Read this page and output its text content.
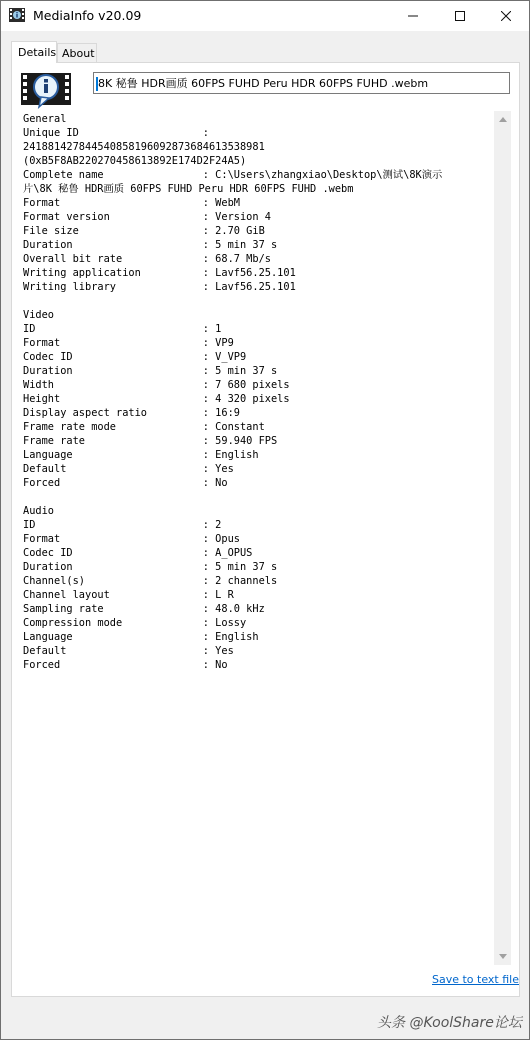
MediaInfo v20.09
Details About
8K 秘鲁 HDR画质 60FPS FUHD Peru HDR 60FPS FUHD .webm
General
Unique ID                    :
241881427844540858196092873684613538981
(0xB5F8AB220270458613892E174D2F24A5)
Complete name                : C:\Users\zhangxiao\Desktop\测试\8K演示
片\8K 秘鲁 HDR画质 60FPS FUHD Peru HDR 60FPS FUHD .webm
Format                       : WebM
Format version               : Version 4
File size                    : 2.70 GiB
Duration                     : 5 min 37 s
Overall bit rate             : 68.7 Mb/s
Writing application          : Lavf56.25.101
Writing library              : Lavf56.25.101

Video
ID                           : 1
Format                       : VP9
Codec ID                     : V_VP9
Duration                     : 5 min 37 s
Width                        : 7 680 pixels
Height                       : 4 320 pixels
Display aspect ratio         : 16:9
Frame rate mode              : Constant
Frame rate                   : 59.940 FPS
Language                     : English
Default                      : Yes
Forced                       : No

Audio
ID                           : 2
Format                       : Opus
Codec ID                     : A_OPUS
Duration                     : 5 min 37 s
Channel(s)                   : 2 channels
Channel layout               : L R
Sampling rate                : 48.0 kHz
Compression mode             : Lossy
Language                     : English
Default                      : Yes
Forced                       : No
Save to text file
头条 @KoolShare论坛
